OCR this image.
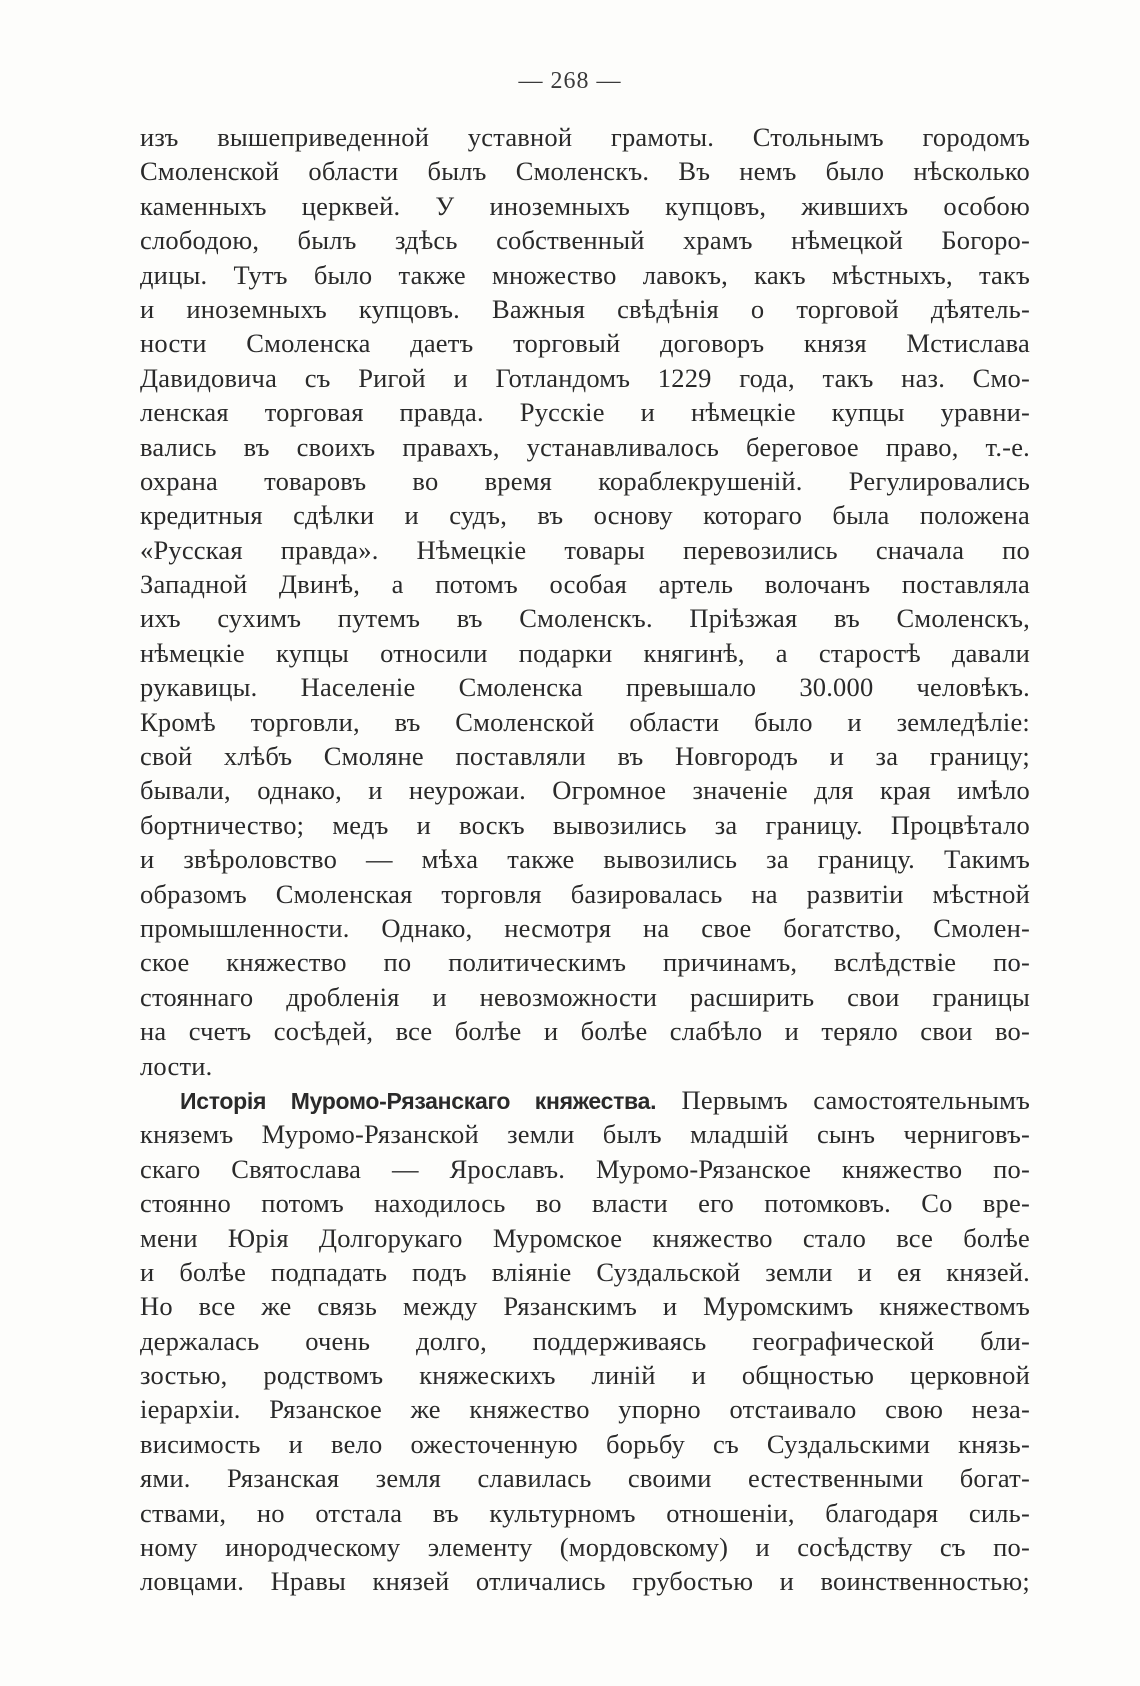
— 268 —
изъ вышеприведенной уставной грамоты. Стольнымъ городомъ
Смоленской области былъ Смоленскъ. Въ немъ было нѣсколько
каменныхъ церквей. У иноземныхъ купцовъ, жившихъ особою
слободою, былъ здѣсь собственный храмъ нѣмецкой Богоро-
дицы. Тутъ было также множество лавокъ, какъ мѣстныхъ, такъ
и иноземныхъ купцовъ. Важныя свѣдѣнія о торговой дѣятель-
ности Смоленска даетъ торговый договоръ князя Мстислава
Давидовича съ Ригой и Готландомъ 1229 года, такъ наз. Смо-
ленская торговая правда. Русскіе и нѣмецкіе купцы уравни-
вались въ своихъ правахъ, устанавливалось береговое право, т.-е.
охрана товаровъ во время кораблекрушеній. Регулировались
кредитныя сдѣлки и судъ, въ основу котораго была положена
«Русская правда». Нѣмецкіе товары перевозились сначала по
Западной Двинѣ, а потомъ особая артель волочанъ поставляла
ихъ сухимъ путемъ въ Смоленскъ. Пріѣзжая въ Смоленскъ,
нѣмецкіе купцы относили подарки княгинѣ, а старостѣ давали
рукавицы. Населеніе Смоленска превышало 30.000 человѣкъ.
Кромѣ торговли, въ Смоленской области было и земледѣліе:
свой хлѣбъ Смоляне поставляли въ Новгородъ и за границу;
бывали, однако, и неурожаи. Огромное значеніе для края имѣло
бортничество; медъ и воскъ вывозились за границу. Процвѣтало
и звѣроловство — мѣха также вывозились за границу. Такимъ
образомъ Смоленская торговля базировалась на развитіи мѣстной
промышленности. Однако, несмотря на свое богатство, Смолен-
ское княжество по политическимъ причинамъ, вслѣдствіе по-
стояннаго дробленія и невозможности расширить свои границы
на счетъ сосѣдей, все болѣе и болѣе слабѣло и теряло свои во-
лости.
Исторія Муромо-Рязанскаго княжества. Первымъ самостоятельнымъ
княземъ Муромо-Рязанской земли былъ младшій сынъ черниговъ-
скаго Святослава — Ярославъ. Муромо-Рязанское княжество по-
стоянно потомъ находилось во власти его потомковъ. Со вре-
мени Юрія Долгорукаго Муромское княжество стало все болѣе
и болѣе подпадать подъ вліяніе Суздальской земли и ея князей.
Но все же связь между Рязанскимъ и Муромскимъ княжествомъ
держалась очень долго, поддерживаясь географической бли-
зостью, родствомъ княжескихъ линій и общностью церковной
іерархіи. Рязанское же княжество упорно отстаивало свою неза-
висимость и вело ожесточенную борьбу съ Суздальскими князь-
ями. Рязанская земля славилась своими естественными богат-
ствами, но отстала въ культурномъ отношеніи, благодаря силь-
ному инородческому элементу (мордовскому) и сосѣдству съ по-
ловцами. Нравы князей отличались грубостью и воинственностью;
